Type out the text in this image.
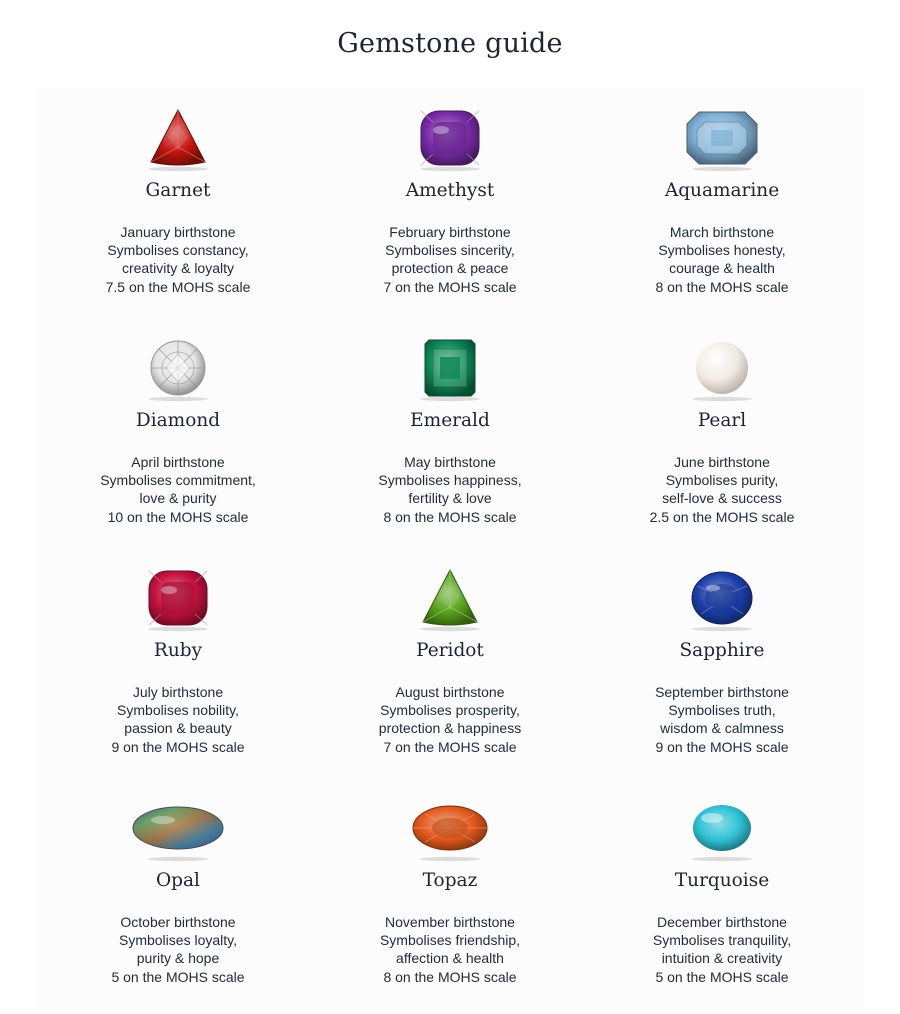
Gemstone guide
Garnet
January birthstone
Symbolises constancy,
creativity & loyalty
7.5 on the MOHS scale
Amethyst
February birthstone
Symbolises sincerity,
protection & peace
7 on the MOHS scale
Aquamarine
March birthstone
Symbolises honesty,
courage & health
8 on the MOHS scale
Diamond
April birthstone
Symbolises commitment,
love & purity
10 on the MOHS scale
Emerald
May birthstone
Symbolises happiness,
fertility & love
8 on the MOHS scale
Pearl
June birthstone
Symbolises purity,
self-love & success
2.5 on the MOHS scale
Ruby
July birthstone
Symbolises nobility,
passion & beauty
9 on the MOHS scale
Peridot
August birthstone
Symbolises prosperity,
protection & happiness
7 on the MOHS scale
Sapphire
September birthstone
Symbolises truth,
wisdom & calmness
9 on the MOHS scale
Opal
October birthstone
Symbolises loyalty,
purity & hope
5 on the MOHS scale
Topaz
November birthstone
Symbolises friendship,
affection & health
8 on the MOHS scale
Turquoise
December birthstone
Symbolises tranquility,
intuition & creativity
5 on the MOHS scale
